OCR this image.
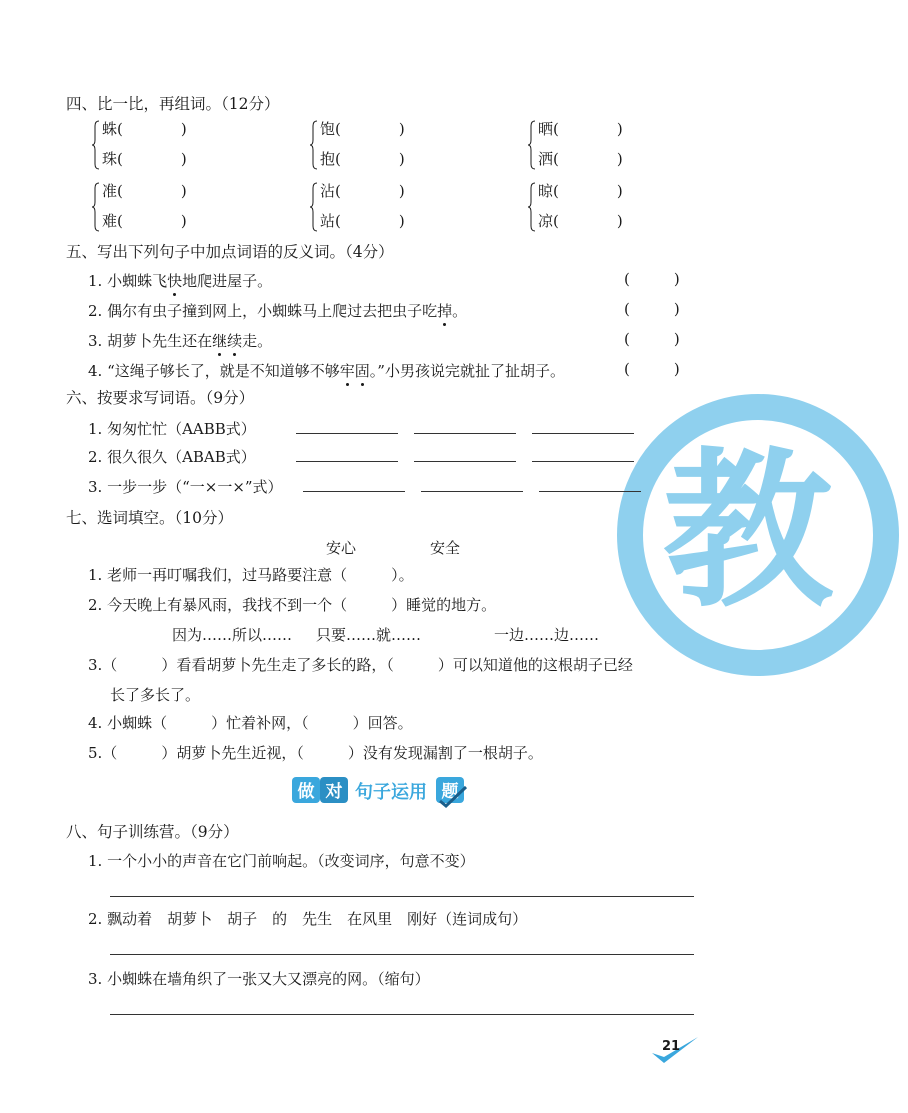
教
四、比一比，再组词。（12分）
蛛(	)
珠(	)
饱(	)
抱(	)
晒(	)
洒(	)
准(	)
难(	)
沾(	)
站(	)
晾(	)
凉(	)
五、写出下列句子中加点词语的反义词。（4分）
1. 小蜘蛛飞快地爬进屋子。	(	)
2. 偶尔有虫子撞到网上，小蜘蛛马上爬过去把虫子吃掉。	(	)
3. 胡萝卜先生还在继续走。	(	)
4. “这绳子够长了，就是不知道够不够牢固。”小男孩说完就扯了扯胡子。	(	)
六、按要求写词语。（9分）
1. 匆匆忙忙（AABB式）
2. 很久很久（ABAB式）
3. 一步一步（“一×一×”式）
七、选词填空。（10分）
安心	安全
1. 老师一再叮嘱我们，过马路要注意（	）。
2. 今天晚上有暴风雨，我找不到一个（	）睡觉的地方。
因为……所以…… 只要……就……	一边……边……
3.（	）看看胡萝卜先生走了多长的路，（	）可以知道他的这根胡子已经
长了多长了。
4. 小蜘蛛（	）忙着补网，（	）回答。
5.（	）胡萝卜先生近视，（	）没有发现漏割了一根胡子。
做 对 句子运用 题
八、句子训练营。（9分）
1. 一个小小的声音在它门前响起。（改变词序，句意不变）
2. 飘动着　胡萝卜　胡子　的　先生　在风里　刚好（连词成句）
3. 小蜘蛛在墙角织了一张又大又漂亮的网。（缩句）
21
